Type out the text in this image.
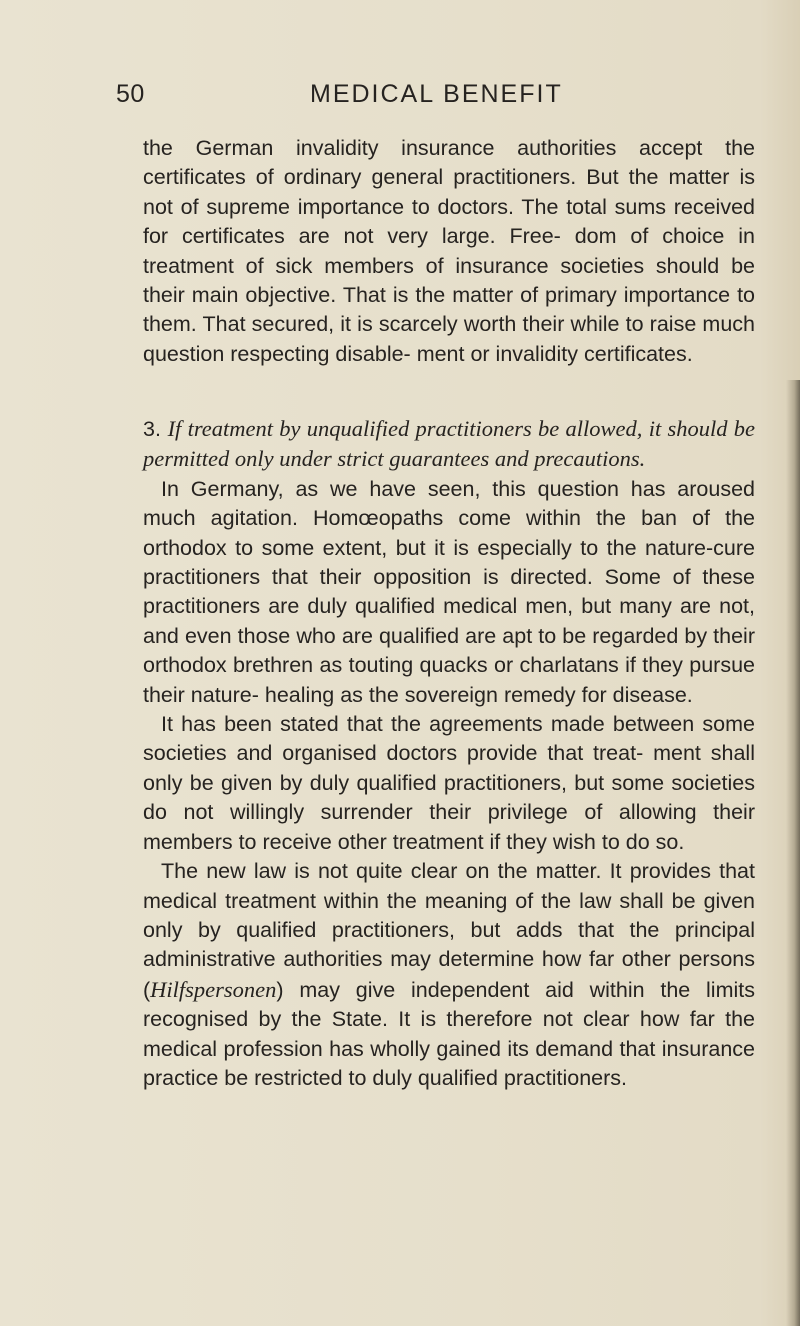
50	MEDICAL BENEFIT

the German invalidity insurance authorities accept the certificates of ordinary general practitioners. But the matter is not of supreme importance to doctors. The total sums received for certificates are not very large. Free- dom of choice in treatment of sick members of insurance societies should be their main objective. That is the matter of primary importance to them. That secured, it is scarcely worth their while to raise much question respecting disable- ment or invalidity certificates.

3. If treatment by unqualified practitioners be allowed, it should be permitted only under strict guarantees and precautions.

In Germany, as we have seen, this question has aroused much agitation. Homœopaths come within the ban of the orthodox to some extent, but it is especially to the nature-cure practitioners that their opposition is directed. Some of these practitioners are duly qualified medical men, but many are not, and even those who are qualified are apt to be regarded by their orthodox brethren as touting quacks or charlatans if they pursue their nature- healing as the sovereign remedy for disease.

It has been stated that the agreements made between some societies and organised doctors provide that treat- ment shall only be given by duly qualified practitioners, but some societies do not willingly surrender their privilege of allowing their members to receive other treatment if they wish to do so.

The new law is not quite clear on the matter. It provides that medical treatment within the meaning of the law shall be given only by qualified practitioners, but adds that the principal administrative authorities may determine how far other persons (Hilfspersonen) may give independent aid within the limits recognised by the State. It is therefore not clear how far the medical profession has wholly gained its demand that insurance practice be restricted to duly qualified practitioners.
